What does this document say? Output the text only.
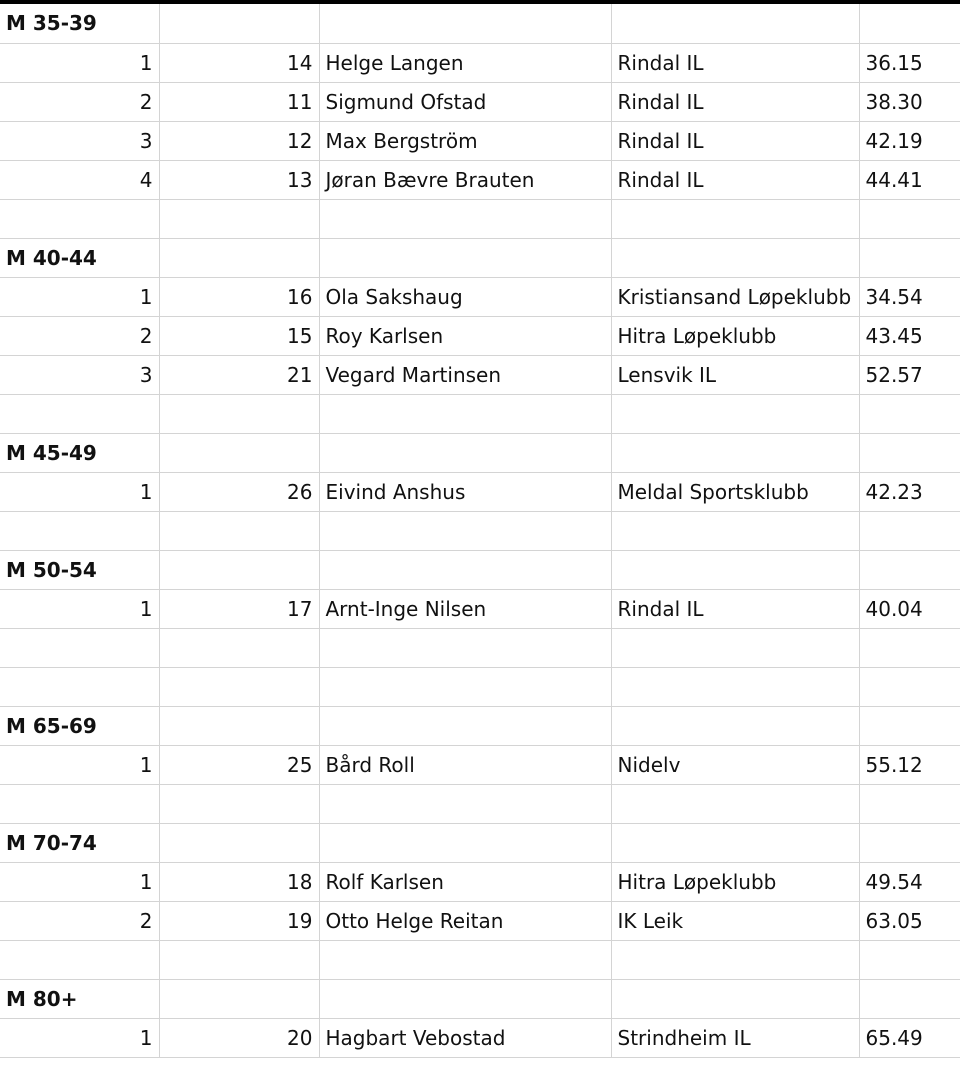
M 35-39				
1	14	Helge Langen	Rindal IL	36.15
2	11	Sigmund Ofstad	Rindal IL	38.30
3	12	Max Bergström	Rindal IL	42.19
4	13	Jøran Bævre Brauten	Rindal IL	44.41

M 40-44				
1	16	Ola Sakshaug	Kristiansand Løpeklubb	34.54
2	15	Roy Karlsen	Hitra Løpeklubb	43.45
3	21	Vegard Martinsen	Lensvik IL	52.57

M 45-49				
1	26	Eivind Anshus	Meldal Sportsklubb	42.23

M 50-54				
1	17	Arnt-Inge Nilsen	Rindal IL	40.04

M 65-69				
1	25	Bård Roll	Nidelv	55.12

M 70-74				
1	18	Rolf Karlsen	Hitra Løpeklubb	49.54
2	19	Otto Helge Reitan	IK Leik	63.05

M 80+				
1	20	Hagbart Vebostad	Strindheim IL	65.49
